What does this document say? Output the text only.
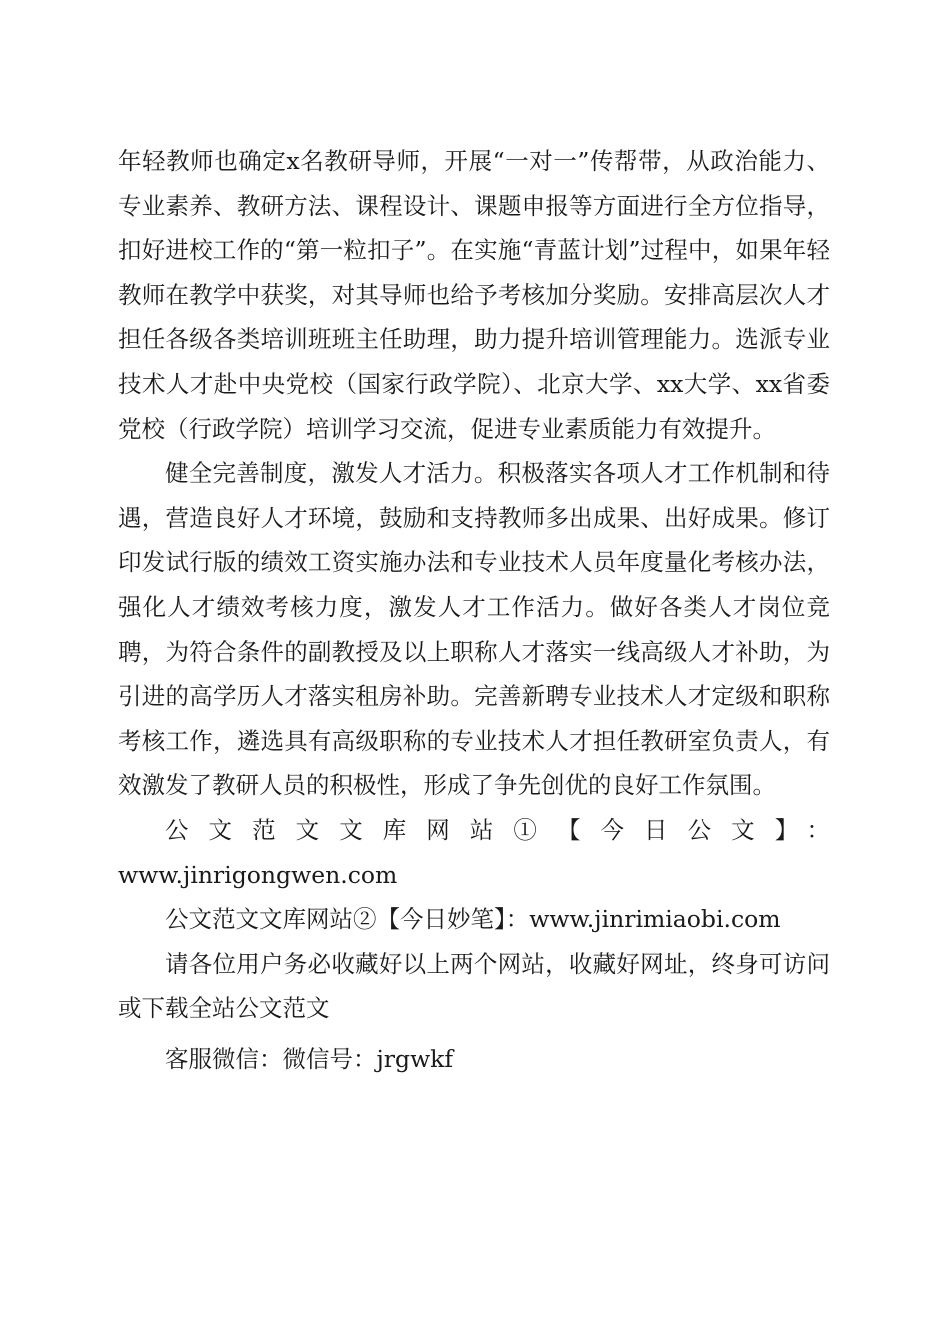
年轻教师也确定x名教研导师，开展“一对一”传帮带，从政治能力、专业素养、教研方法、课程设计、课题申报等方面进行全方位指导，扣好进校工作的“第一粒扣子”。在实施“青蓝计划”过程中，如果年轻教师在教学中获奖，对其导师也给予考核加分奖励。安排高层次人才担任各级各类培训班班主任助理，助力提升培训管理能力。选派专业技术人才赴中央党校（国家行政学院）、北京大学、xx大学、xx省委党校（行政学院）培训学习交流，促进专业素质能力有效提升。

健全完善制度，激发人才活力。积极落实各项人才工作机制和待遇，营造良好人才环境，鼓励和支持教师多出成果、出好成果。修订印发试行版的绩效工资实施办法和专业技术人员年度量化考核办法，强化人才绩效考核力度，激发人才工作活力。做好各类人才岗位竞聘，为符合条件的副教授及以上职称人才落实一线高级人才补助，为引进的高学历人才落实租房补助。完善新聘专业技术人才定级和职称考核工作，遴选具有高级职称的专业技术人才担任教研室负责人，有效激发了教研人员的积极性，形成了争先创优的良好工作氛围。

公文范文文库网站①【今日公文】：

www.jinrigongwen.com

公文范文文库网站②【今日妙笔】：www.jinrimiaobi.com

请各位用户务必收藏好以上两个网站，收藏好网址，终身可访问或下载全站公文范文

客服微信：微信号：jrgwkf
